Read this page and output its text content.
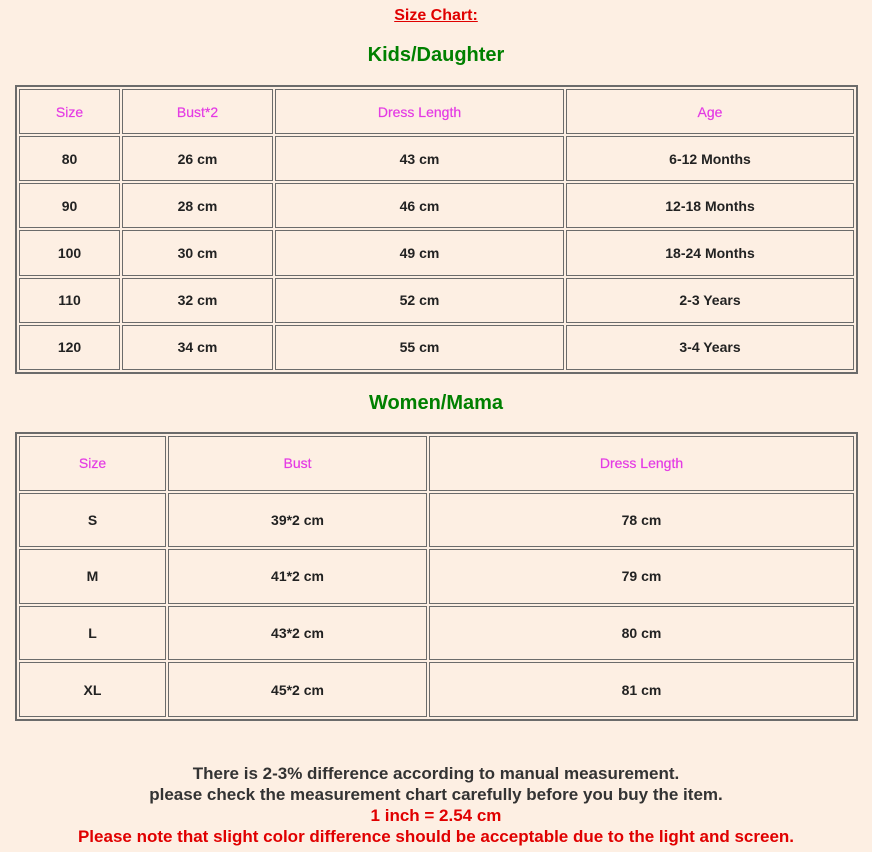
Size Chart:
Kids/Daughter
Size	Bust*2	Dress Length	Age
80	26 cm	43 cm	6-12 Months
90	28 cm	46 cm	12-18 Months
100	30 cm	49 cm	18-24 Months
110	32 cm	52 cm	2-3 Years
120	34 cm	55 cm	3-4 Years
Women/Mama
Size	Bust	Dress Length
S	39*2 cm	78 cm
M	41*2 cm	79 cm
L	43*2 cm	80 cm
XL	45*2 cm	81 cm
There is 2-3% difference according to manual measurement.
please check the measurement chart carefully before you buy the item.
1 inch = 2.54 cm
Please note that slight color difference should be acceptable due to the light and screen.
